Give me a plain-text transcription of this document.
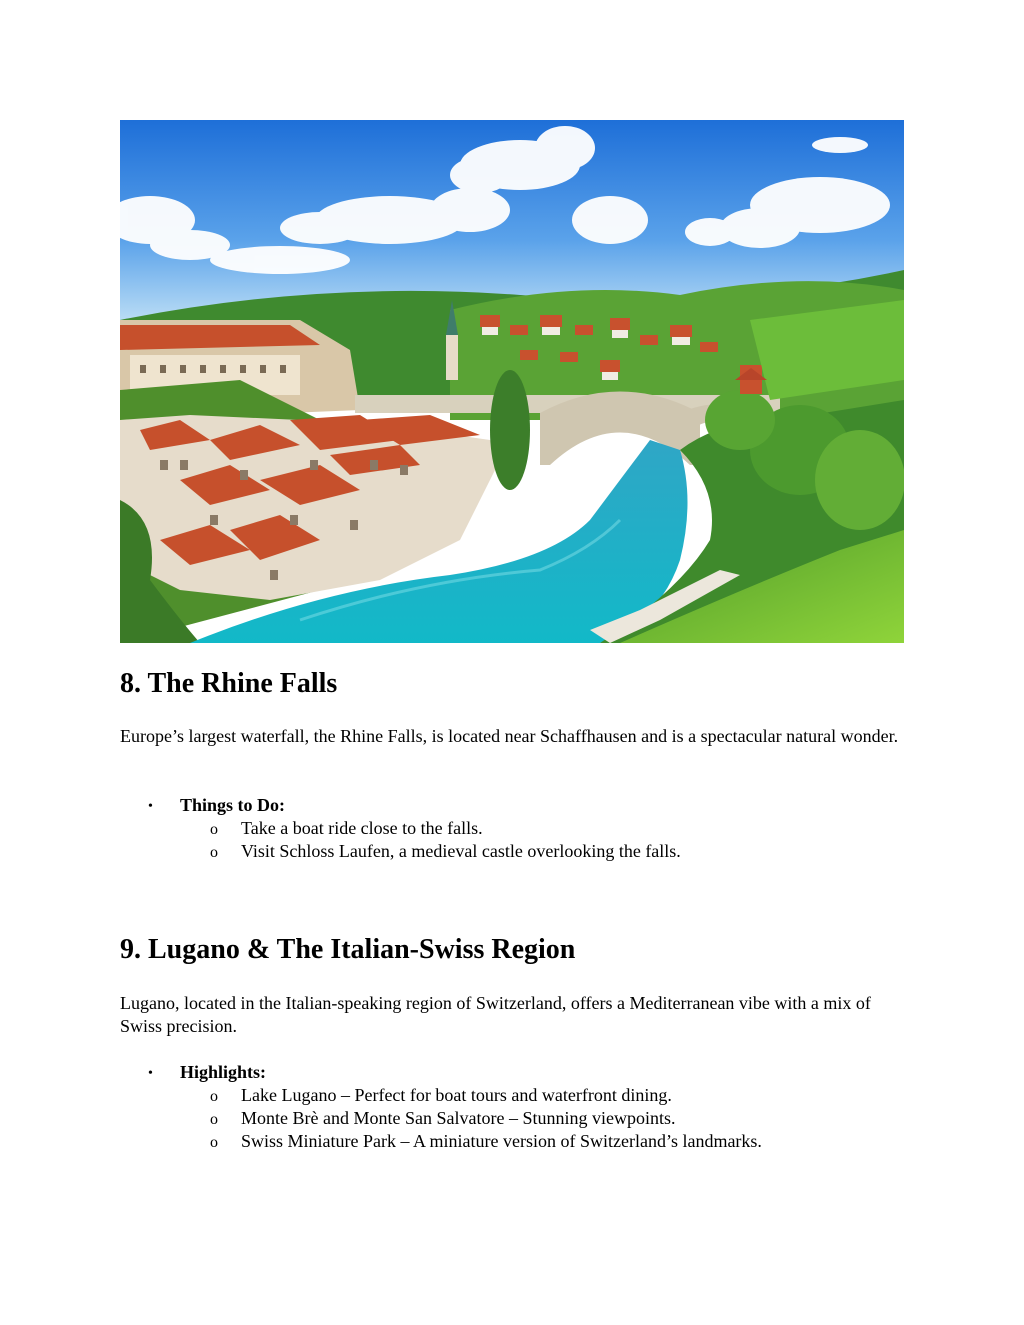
8. The Rhine Falls

Europe’s largest waterfall, the Rhine Falls, is located near Schaffhausen and is a spectacular natural wonder.

• Things to Do:
o Take a boat ride close to the falls.
o Visit Schloss Laufen, a medieval castle overlooking the falls.
9. Lugano & The Italian-Swiss Region

Lugano, located in the Italian-speaking region of Switzerland, offers a Mediterranean vibe with a mix of Swiss precision.

• Highlights:
o Lake Lugano – Perfect for boat tours and waterfront dining.
o Monte Brè and Monte San Salvatore – Stunning viewpoints.
o Swiss Miniature Park – A miniature version of Switzerland’s landmarks.
